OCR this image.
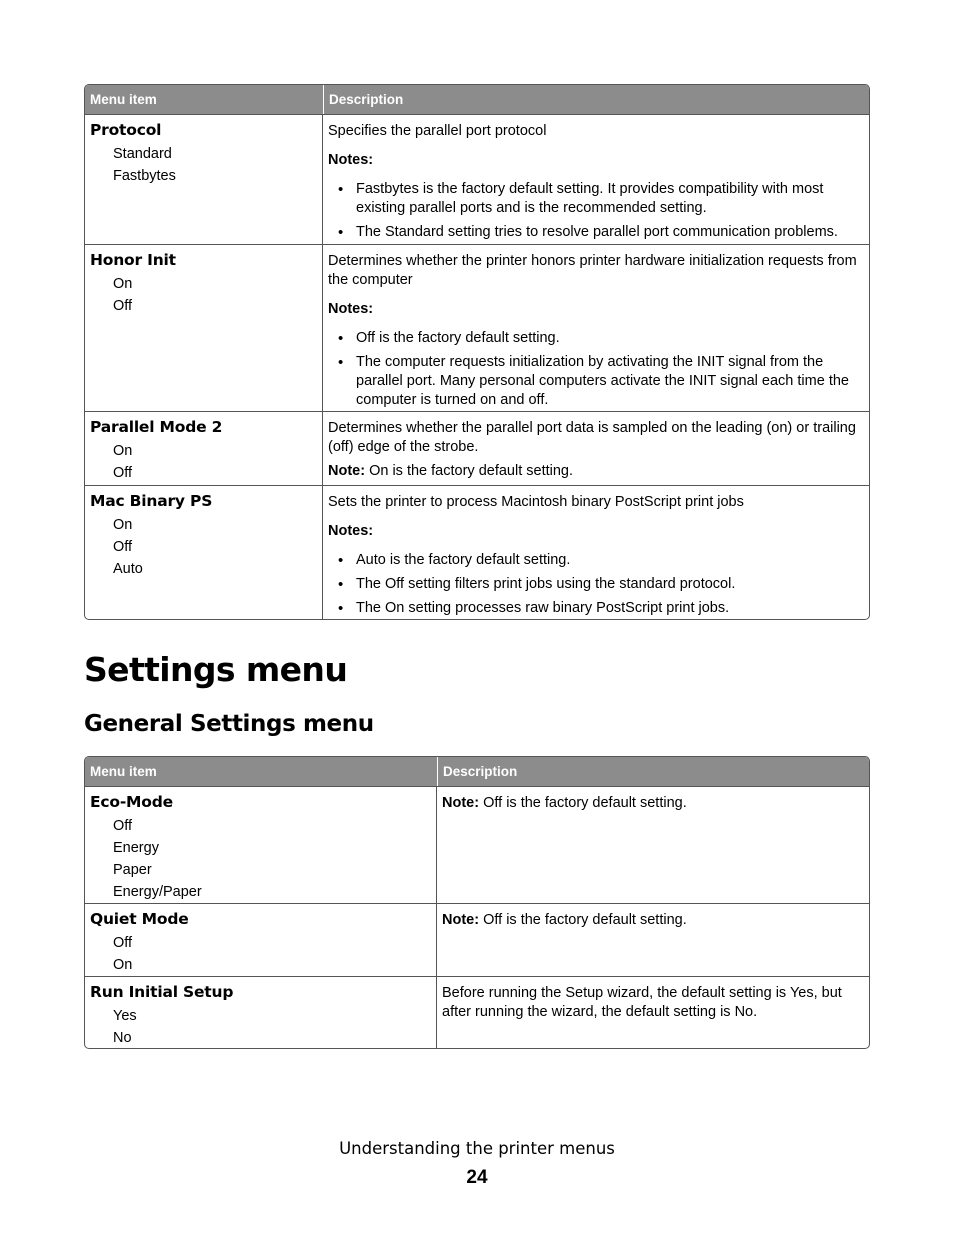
Menu item	Description
Protocol
Standard
Fastbytes
Specifies the parallel port protocol
Notes:
• Fastbytes is the factory default setting. It provides compatibility with most existing parallel ports and is the recommended setting.
• The Standard setting tries to resolve parallel port communication problems.
Honor Init
On
Off
Determines whether the printer honors printer hardware initialization requests from the computer
Notes:
• Off is the factory default setting.
• The computer requests initialization by activating the INIT signal from the parallel port. Many personal computers activate the INIT signal each time the computer is turned on and off.
Parallel Mode 2
On
Off
Determines whether the parallel port data is sampled on the leading (on) or trailing (off) edge of the strobe.
Note: On is the factory default setting.
Mac Binary PS
On
Off
Auto
Sets the printer to process Macintosh binary PostScript print jobs
Notes:
• Auto is the factory default setting.
• The Off setting filters print jobs using the standard protocol.
• The On setting processes raw binary PostScript print jobs.
Settings menu
General Settings menu
Menu item	Description
Eco-Mode
Off
Energy
Paper
Energy/Paper
Note: Off is the factory default setting.
Quiet Mode
Off
On
Note: Off is the factory default setting.
Run Initial Setup
Yes
No
Before running the Setup wizard, the default setting is Yes, but after running the wizard, the default setting is No.
Understanding the printer menus
24
